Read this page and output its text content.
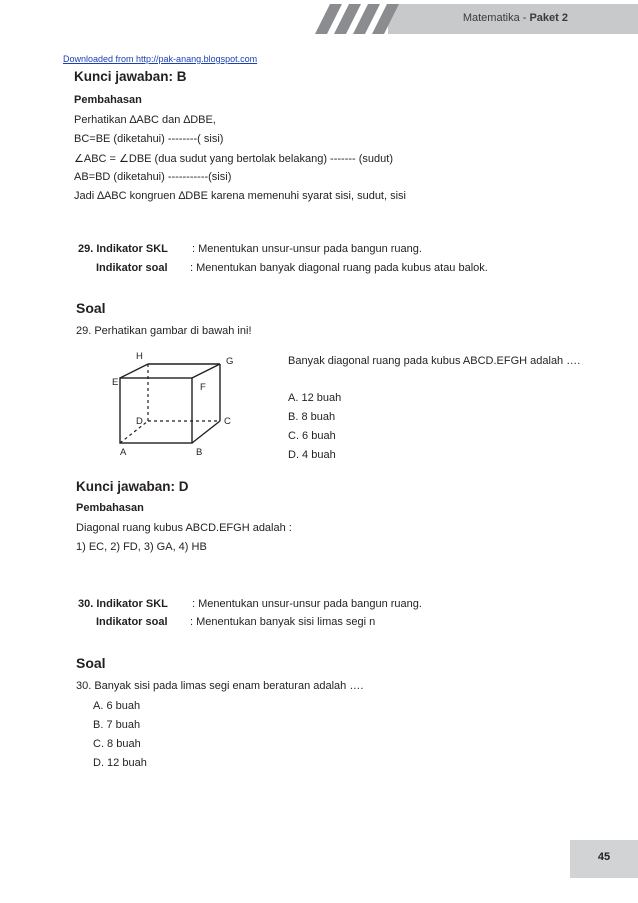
Matematika - Paket 2
Downloaded from http://pak-anang.blogspot.com
Kunci jawaban: B
Pembahasan
Perhatikan ∆ABC dan ∆DBE,
BC=BE (diketahui) --------( sisi)
∠ABC = ∠DBE (dua sudut yang bertolak belakang) ------- (sudut)
AB=BD (diketahui) -----------(sisi)
Jadi ∆ABC kongruen ∆DBE karena memenuhi syarat sisi, sudut, sisi
29. Indikator SKL : Menentukan unsur-unsur pada bangun ruang.
Indikator soal : Menentukan banyak diagonal ruang pada kubus atau balok.
Soal
29. Perhatikan gambar di bawah ini!
H	G
E	F
D	C
A	B
Banyak diagonal ruang pada kubus ABCD.EFGH adalah ….
A. 12 buah
B. 8 buah
C. 6 buah
D. 4 buah
Kunci jawaban: D
Pembahasan
Diagonal ruang kubus ABCD.EFGH adalah :
1) EC, 2) FD, 3) GA, 4) HB
30. Indikator SKL : Menentukan unsur-unsur pada bangun ruang.
Indikator soal : Menentukan banyak sisi limas segi n
Soal
30. Banyak sisi pada limas segi enam beraturan adalah ….
A. 6 buah
B. 7 buah
C. 8 buah
D. 12 buah
45
